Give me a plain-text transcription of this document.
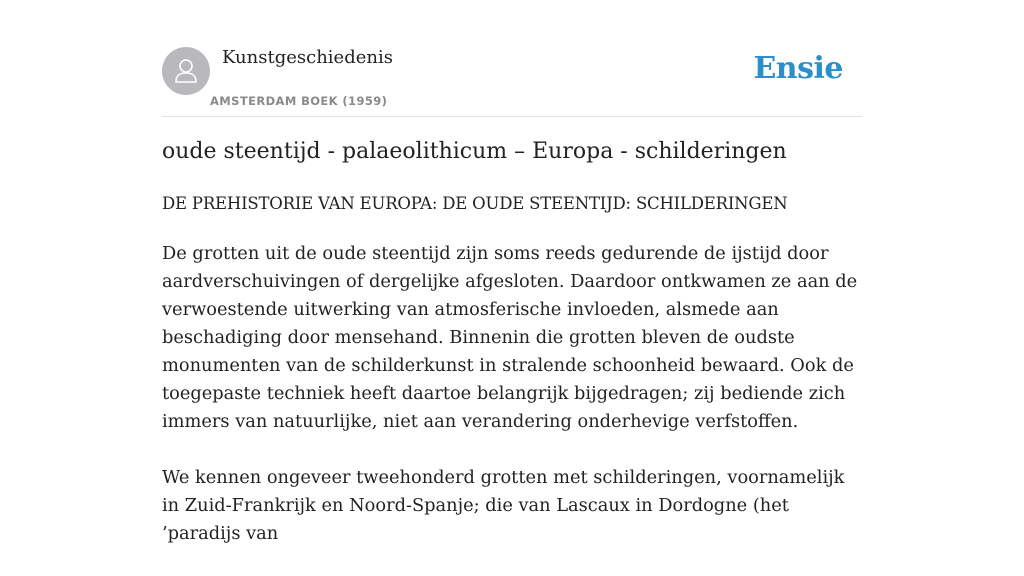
Kunstgeschiedenis
AMSTERDAM BOEK (1959)
Ensie
oude steentijd - palaeolithicum – Europa - schilderingen
DE PREHISTORIE VAN EUROPA: DE OUDE STEENTIJD: SCHILDERINGEN

De grotten uit de oude steentijd zijn soms reeds gedurende de ijstijd door aardverschuivingen of dergelijke afgesloten. Daardoor ontkwamen ze aan de verwoestende uitwerking van atmosferische invloeden, alsmede aan beschadiging door mensehand. Binnenin die grotten bleven de oudste monumenten van de schilderkunst in stralende schoonheid bewaard. Ook de toegepaste techniek heeft daartoe belangrijk bijgedragen; zij bediende zich immers van natuurlijke, niet aan verandering onderhevige verfstoffen.

We kennen ongeveer tweehonderd grotten met schilderingen, voornamelijk in Zuid-Frankrijk en Noord-Spanje; die van Lascaux in Dordogne (het ’paradijs van
